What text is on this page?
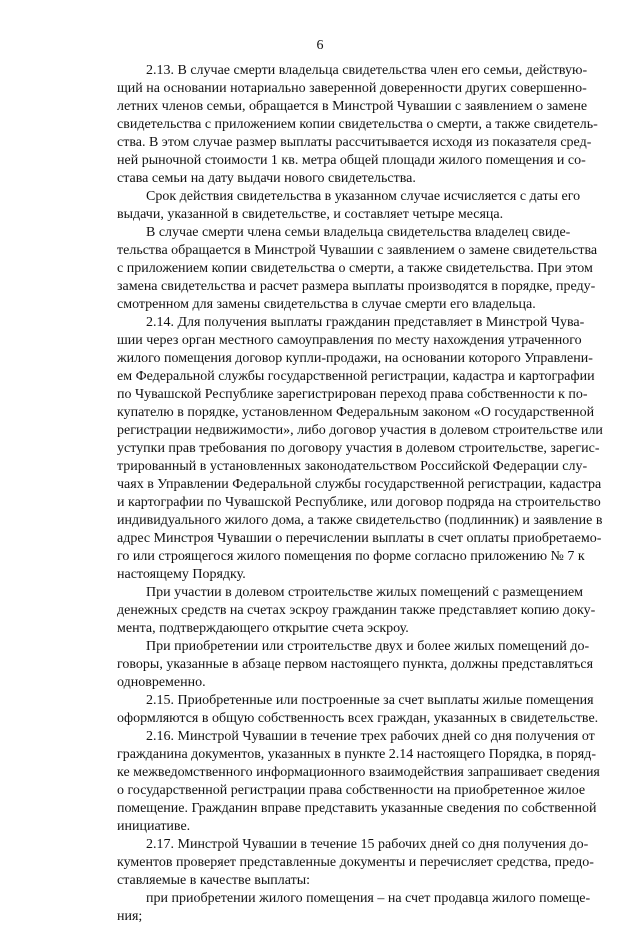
6
2.13. В случае смерти владельца свидетельства член его семьи, действую-
щий на основании нотариально заверенной доверенности других совершенно-
летних членов семьи, обращается в Минстрой Чувашии с заявлением о замене
свидетельства с приложением копии свидетельства о смерти, а также свидетель-
ства. В этом случае размер выплаты рассчитывается исходя из показателя сред-
ней рыночной стоимости 1 кв. метра общей площади жилого помещения и со-
става семьи на дату выдачи нового свидетельства.
Срок действия свидетельства в указанном случае исчисляется с даты его
выдачи, указанной в свидетельстве, и составляет четыре месяца.
В случае смерти члена семьи владельца свидетельства владелец свиде-
тельства обращается в Минстрой Чувашии с заявлением о замене свидетельства
с приложением копии свидетельства о смерти, а также свидетельства. При этом
замена свидетельства и расчет размера выплаты производятся в порядке, преду-
смотренном для замены свидетельства в случае смерти его владельца.
2.14. Для получения выплаты гражданин представляет в Минстрой Чува-
шии через орган местного самоуправления по месту нахождения утраченного
жилого помещения договор купли-продажи, на основании которого Управлени-
ем Федеральной службы государственной регистрации, кадастра и картографии
по Чувашской Республике зарегистрирован переход права собственности к по-
купателю в порядке, установленном Федеральным законом «О государственной
регистрации недвижимости», либо договор участия в долевом строительстве или
уступки прав требования по договору участия в долевом строительстве, зарегис-
трированный в установленных законодательством Российской Федерации слу-
чаях в Управлении Федеральной службы государственной регистрации, кадастра
и картографии по Чувашской Республике, или договор подряда на строительство
индивидуального жилого дома, а также свидетельство (подлинник) и заявление в
адрес Минстроя Чувашии о перечислении выплаты в счет оплаты приобретаемо-
го или строящегося жилого помещения по форме согласно приложению № 7 к
настоящему Порядку.
При участии в долевом строительстве жилых помещений с размещением
денежных средств на счетах эскроу гражданин также представляет копию доку-
мента, подтверждающего открытие счета эскроу.
При приобретении или строительстве двух и более жилых помещений до-
говоры, указанные в абзаце первом настоящего пункта, должны представляться
одновременно.
2.15. Приобретенные или построенные за счет выплаты жилые помещения
оформляются в общую собственность всех граждан, указанных в свидетельстве.
2.16. Минстрой Чувашии в течение трех рабочих дней со дня получения от
гражданина документов, указанных в пункте 2.14 настоящего Порядка, в поряд-
ке межведомственного информационного взаимодействия запрашивает сведения
о государственной регистрации права собственности на приобретенное жилое
помещение. Гражданин вправе представить указанные сведения по собственной
инициативе.
2.17. Минстрой Чувашии в течение 15 рабочих дней со дня получения до-
кументов проверяет представленные документы и перечисляет средства, предо-
ставляемые в качестве выплаты:
при приобретении жилого помещения – на счет продавца жилого помеще-
ния;
